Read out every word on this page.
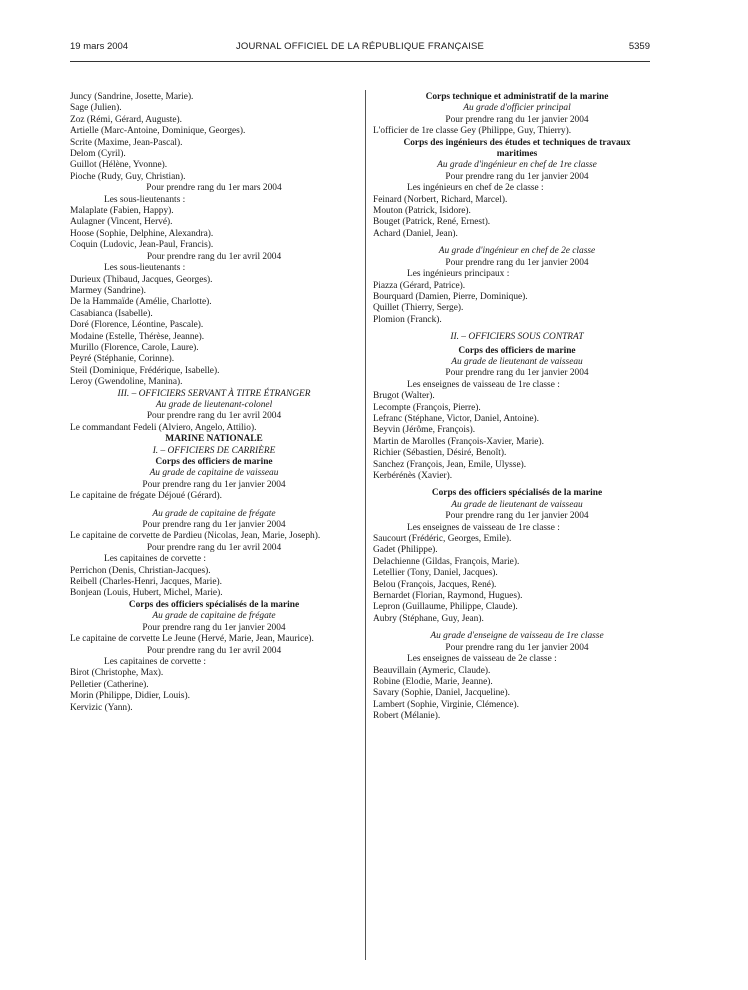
19 mars 2004	JOURNAL OFFICIEL DE LA RÉPUBLIQUE FRANÇAISE	5359

Juncy (Sandrine, Josette, Marie).

Sage (Julien).

Zoz (Rémi, Gérard, Auguste).

Artielle (Marc-Antoine, Dominique, Georges).

Scrite (Maxime, Jean-Pascal).

Delom (Cyril).

Guillot (Hélène, Yvonne).

Pioche (Rudy, Guy, Christian).

Pour prendre rang du 1er mars 2004

Les sous-lieutenants :

Malaplate (Fabien, Happy).

Aulagner (Vincent, Hervé).

Hoose (Sophie, Delphine, Alexandra).

Coquin (Ludovic, Jean-Paul, Francis).

Pour prendre rang du 1er avril 2004

Les sous-lieutenants :

Durieux (Thibaud, Jacques, Georges).

Marmey (Sandrine).

De la Hammaïde (Amélie, Charlotte).

Casabianca (Isabelle).

Doré (Florence, Léontine, Pascale).

Modaine (Estelle, Thérèse, Jeanne).

Murillo (Florence, Carole, Laure).

Peyré (Stéphanie, Corinne).

Steil (Dominique, Frédérique, Isabelle).

Leroy (Gwendoline, Manina).

III. – OFFICIERS SERVANT À TITRE ÉTRANGER

Au grade de lieutenant-colonel

Pour prendre rang du 1er avril 2004

Le commandant Fedeli (Alviero, Angelo, Attilio).

MARINE NATIONALE

I. – OFFICIERS DE CARRIÈRE

Corps des officiers de marine

Au grade de capitaine de vaisseau

Pour prendre rang du 1er janvier 2004

Le capitaine de frégate Déjoué (Gérard).

Au grade de capitaine de frégate

Pour prendre rang du 1er janvier 2004

Le capitaine de corvette de Pardieu (Nicolas, Jean, Marie, Joseph).

Pour prendre rang du 1er avril 2004

Les capitaines de corvette :

Perrichon (Denis, Christian-Jacques).

Reibell (Charles-Henri, Jacques, Marie).

Bonjean (Louis, Hubert, Michel, Marie).

Corps des officiers spécialisés de la marine

Au grade de capitaine de frégate

Pour prendre rang du 1er janvier 2004

Le capitaine de corvette Le Jeune (Hervé, Marie, Jean, Maurice).

Pour prendre rang du 1er avril 2004

Les capitaines de corvette :

Birot (Christophe, Max).

Pelletier (Catherine).

Morin (Philippe, Didier, Louis).

Kervizic (Yann).

Corps technique et administratif de la marine

Au grade d'officier principal

Pour prendre rang du 1er janvier 2004

L'officier de 1re classe Gey (Philippe, Guy, Thierry).

Corps des ingénieurs des études et techniques de travaux maritimes

Au grade d'ingénieur en chef de 1re classe

Pour prendre rang du 1er janvier 2004

Les ingénieurs en chef de 2e classe :

Feinard (Norbert, Richard, Marcel).

Mouton (Patrick, Isidore).

Bouget (Patrick, René, Ernest).

Achard (Daniel, Jean).

Au grade d'ingénieur en chef de 2e classe

Pour prendre rang du 1er janvier 2004

Les ingénieurs principaux :

Piazza (Gérard, Patrice).

Bourquard (Damien, Pierre, Dominique).

Quillet (Thierry, Serge).

Plomion (Franck).

II. – OFFICIERS SOUS CONTRAT

Corps des officiers de marine

Au grade de lieutenant de vaisseau

Pour prendre rang du 1er janvier 2004

Les enseignes de vaisseau de 1re classe :

Brugot (Walter).

Lecompte (François, Pierre).

Lefranc (Stéphane, Victor, Daniel, Antoine).

Beyvin (Jérôme, François).

Martin de Marolles (François-Xavier, Marie).

Richier (Sébastien, Désiré, Benoît).

Sanchez (François, Jean, Emile, Ulysse).

Kerbérénès (Xavier).

Corps des officiers spécialisés de la marine

Au grade de lieutenant de vaisseau

Pour prendre rang du 1er janvier 2004

Les enseignes de vaisseau de 1re classe :

Saucourt (Frédéric, Georges, Emile).

Gadet (Philippe).

Delachienne (Gildas, François, Marie).

Letellier (Tony, Daniel, Jacques).

Belou (François, Jacques, René).

Bernardet (Florian, Raymond, Hugues).

Lepron (Guillaume, Philippe, Claude).

Aubry (Stéphane, Guy, Jean).

Au grade d'enseigne de vaisseau de 1re classe

Pour prendre rang du 1er janvier 2004

Les enseignes de vaisseau de 2e classe :

Beauvillain (Aymeric, Claude).

Robine (Elodie, Marie, Jeanne).

Savary (Sophie, Daniel, Jacqueline).

Lambert (Sophie, Virginie, Clémence).

Robert (Mélanie).
